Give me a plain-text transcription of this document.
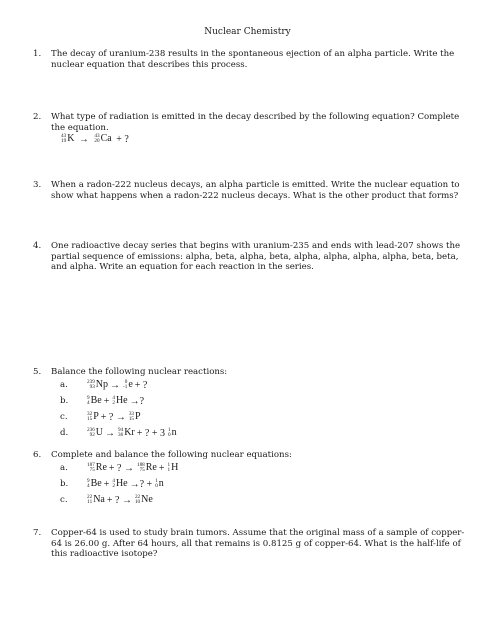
Nuclear Chemistry
1. The decay of uranium-238 results in the spontaneous ejection of an alpha particle. Write the nuclear equation that describes this process.
2. What type of radiation is emitted in the decay described by the following equation? Complete the equation.
43
19 K → 43
20 Ca + ?
3. When a radon-222 nucleus decays, an alpha particle is emitted. Write the nuclear equation to show what happens when a radon-222 nucleus decays. What is the other product that forms?
4. One radioactive decay series that begins with uranium-235 and ends with lead-207 shows the partial sequence of emissions: alpha, beta, alpha, beta, alpha, alpha, alpha, alpha, beta, beta, and alpha. Write an equation for each reaction in the series.
5. Balance the following nuclear reactions:
a.	239
93 Np → 0
-1 e + ?
b.	9
4 Be + 4
2 He →?
c.	32
15 P + ? → 33
15 P
d.	236
92 U → 94
36 Kr + ? + 3 1
0 n
6. Complete and balance the following nuclear equations:
a.	187
75 Re + ? → 188
75 Re + 1
1 H
b.	9
4 Be + 4
2 He →? + 1
0 n
c.	22
11 Na + ? → 22
10 Ne
7. Copper-64 is used to study brain tumors. Assume that the original mass of a sample of copper-64 is 26.00 g. After 64 hours, all that remains is 0.8125 g of copper-64. What is the half-life of this radioactive isotope?
